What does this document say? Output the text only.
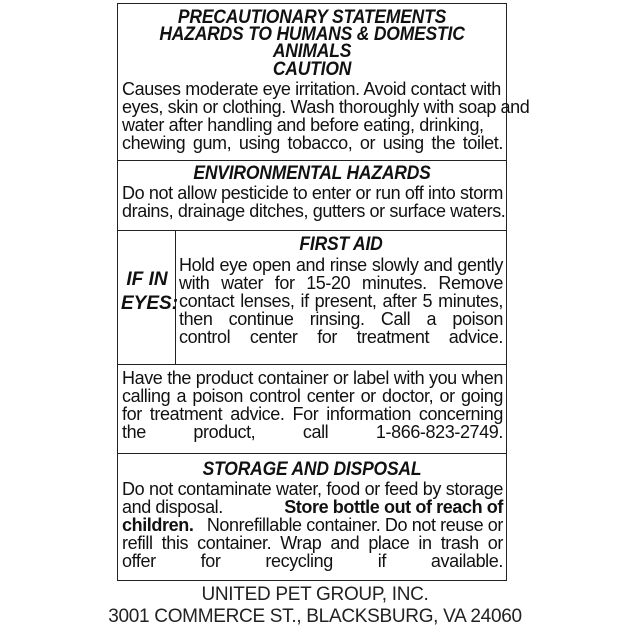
PRECAUTIONARY STATEMENTS
HAZARDS TO HUMANS & DOMESTIC ANIMALS
CAUTION
Causes moderate eye irritation. Avoid contact with
eyes, skin or clothing. Wash thoroughly with soap and
water after handling and before eating, drinking,
chewing gum, using tobacco, or using the toilet.
ENVIRONMENTAL HAZARDS
Do not allow pesticide to enter or run off into storm
drains, drainage ditches, gutters or surface waters.
IF IN
EYES:
FIRST AID
Hold eye open and rinse slowly and gently
with water for 15-20 minutes. Remove
contact lenses, if present, after 5 minutes,
then continue rinsing. Call a poison
control center for treatment advice.
Have the product container or label with you when
calling a poison control center or doctor, or going
for treatment advice. For information concerning
the product, call 1-866-823-2749.
STORAGE AND DISPOSAL
Do not contaminate water, food or feed by storage
and disposal.	Store bottle out of reach of
children. Nonrefillable container. Do not reuse or
refill this container. Wrap and place in trash or
offer for recycling if available.
UNITED PET GROUP, INC.
3001 COMMERCE ST., BLACKSBURG, VA 24060
